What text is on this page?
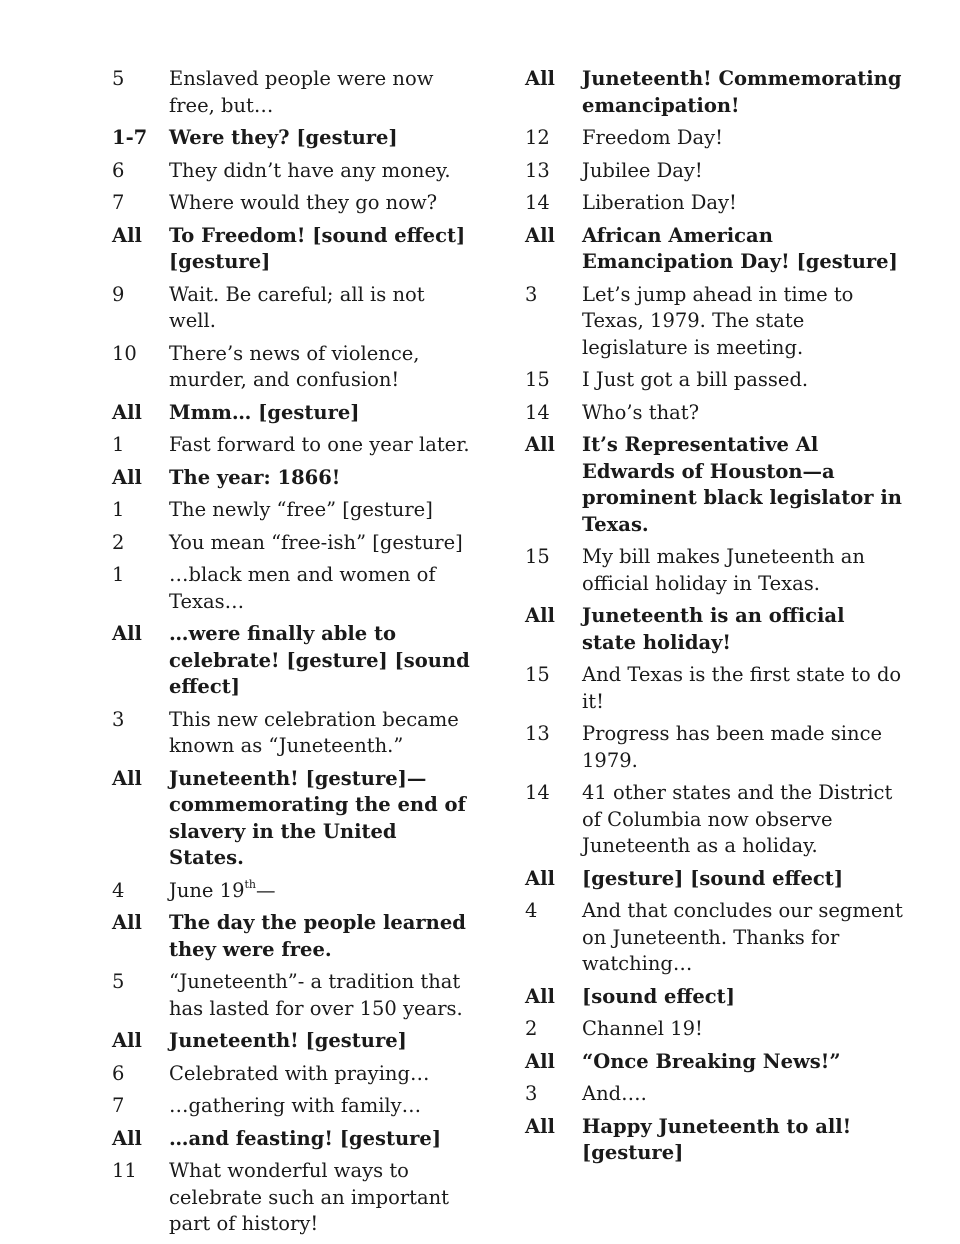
5	Enslaved people were now free, but…
1-7	Were they? [gesture]
6	They didn’t have any money.
7	Where would they go now?
All	To Freedom! [sound effect] [gesture]
9	Wait. Be careful; all is not well.
10	There’s news of violence, murder, and confusion!
All	Mmm… [gesture]
1	Fast forward to one year later.
All	The year: 1866!
1	The newly “free” [gesture]
2	You mean “free-ish” [gesture]
1	…black men and women of Texas…
All	…were finally able to celebrate! [gesture] [sound effect]
3	This new celebration became known as “Juneteenth.”
All	Juneteenth! [gesture]—commemorating the end of slavery in the United States.
4	June 19th—
All	The day the people learned they were free.
5	“Juneteenth”- a tradition that has lasted for over 150 years.
All	Juneteenth! [gesture]
6	Celebrated with praying…
7	…gathering with family…
All	…and feasting! [gesture]
11	What wonderful ways to celebrate such an important part of history!
All	Juneteenth! Commemorating emancipation!
12	Freedom Day!
13	Jubilee Day!
14	Liberation Day!
All	African American Emancipation Day! [gesture]
3	Let’s jump ahead in time to Texas, 1979. The state legislature is meeting.
15	I Just got a bill passed.
14	Who’s that?
All	It’s Representative Al Edwards of Houston—a prominent black legislator in Texas.
15	My bill makes Juneteenth an official holiday in Texas.
All	Juneteenth is an official state holiday!
15	And Texas is the first state to do it!
13	Progress has been made since 1979.
14	41 other states and the District of Columbia now observe Juneteenth as a holiday.
All	[gesture] [sound effect]
4	And that concludes our segment on Juneteenth. Thanks for watching…
All	[sound effect]
2	Channel 19!
All	“Once Breaking News!”
3	And….
All	Happy Juneteenth to all! [gesture]
